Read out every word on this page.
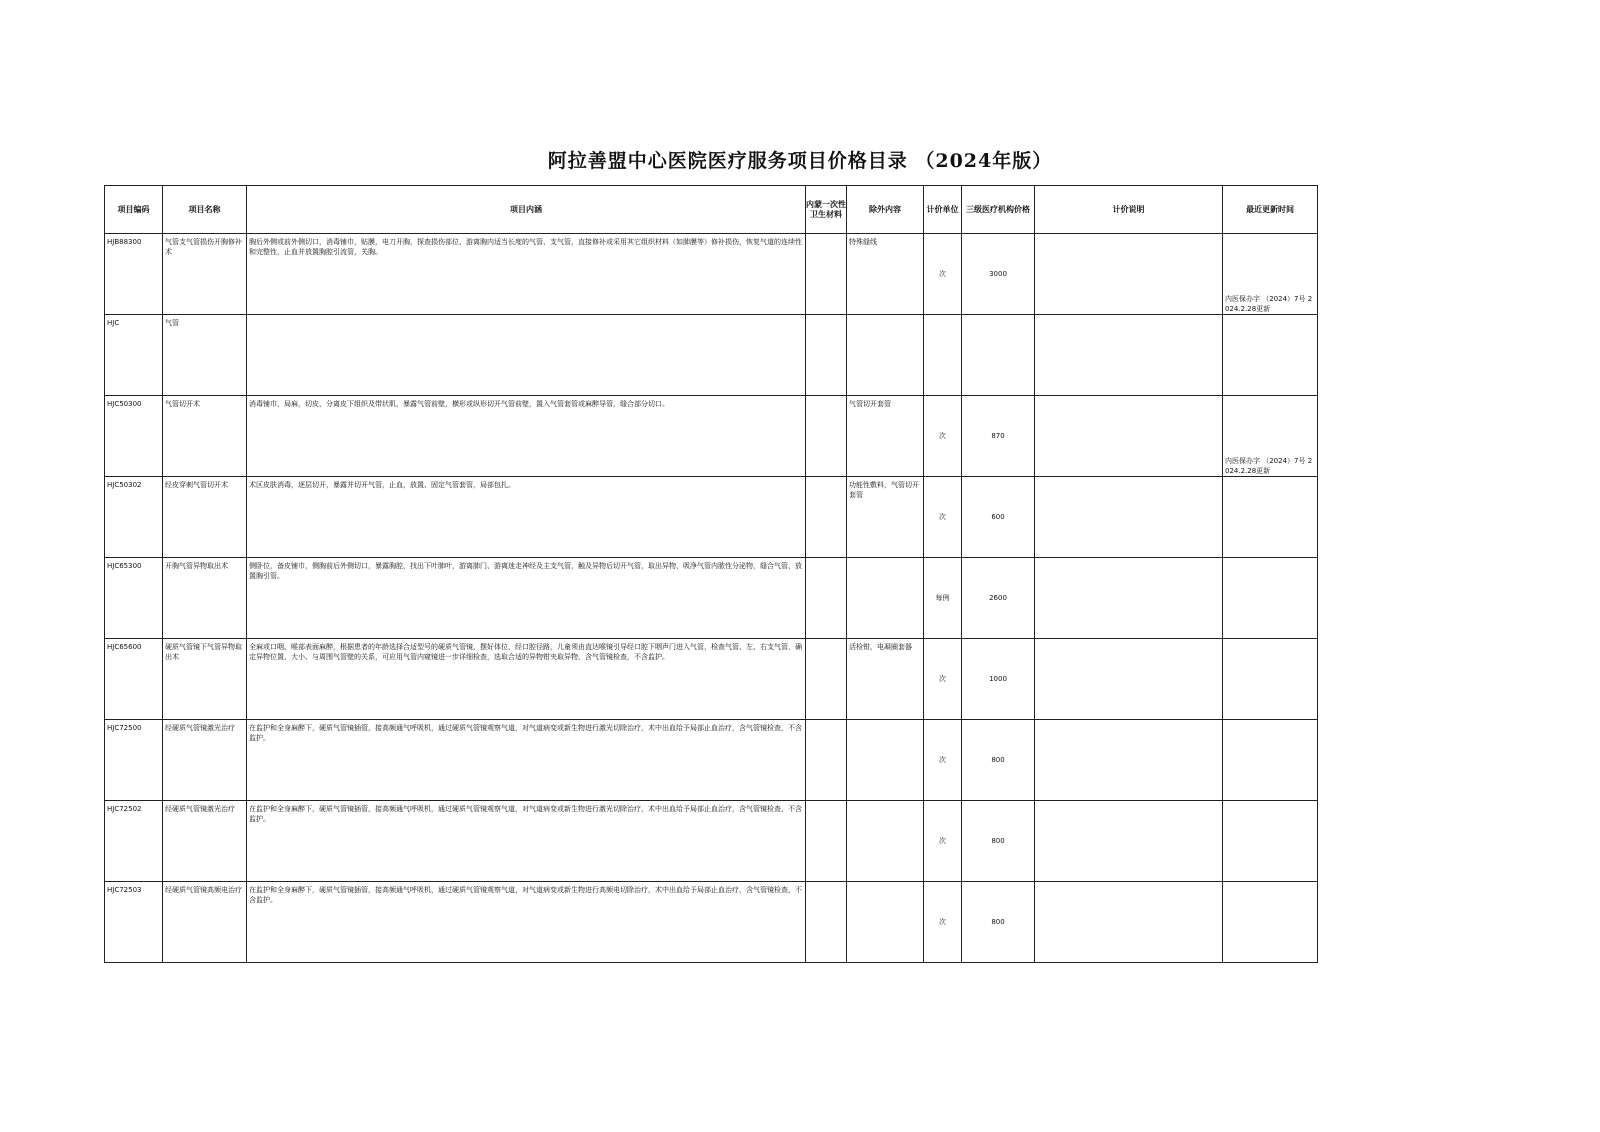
阿拉善盟中心医院医疗服务项目价格目录 （2024年版）
项目编码	项目名称	项目内涵	内蒙一次性卫生材料	除外内容	计价单位	三级医疗机构价格	计价说明	最近更新时间
HJB88300	气管支气管损伤开胸修补术	胸后外侧或前外侧切口，消毒铺巾，贴膜，电刀开胸，探查损伤部位，游离胸内适当长度的气管、支气管，直接修补或采用其它组织材料（如肺膜等）修补损伤，恢复气道的连续性和完整性，止血并放置胸腔引流管，关胸。		特殊缝线	次	3000		内医保办字 （2024）7号 2024.2.28更新
HJC	气管							
HJC50300	气管切开术	消毒铺巾，局麻，切皮，分离皮下组织及带状肌，暴露气管前壁，横形或纵形切开气管前壁，置入气管套管或麻醉导管，缝合部分切口。		气管切开套管	次	870		内医保办字 （2024）7号 2024.2.28更新
HJC50302	经皮穿刺气管切开术	术区皮肤消毒，逐层切开，暴露并切开气管，止血，放置、固定气管套管，局部包扎。		功能性敷料，气管切开套管	次	600		
HJC65300	开胸气管异物取出术	侧卧位，备皮铺巾，侧胸前后外侧切口，暴露胸腔，找出下叶肺叶，游离肺门、游离迷走神经及主支气管，触及异物后切开气管，取出异物，吸净气管内脓性分泌物，缝合气管，放置胸引管。			每例	2600		
HJC65600	硬质气管镜下气管异物取出术	全麻或口咽、喉部表面麻醉，根据患者的年龄选择合适型号的硬质气管镜，摆好体位，经口腔径路，儿童须由直达喉镜引导经口腔下咽声门进入气管，检查气管、左、右支气管，确定异物位置、大小、与周围气管壁的关系，可应用气管内窥镜进一步详细检查，选取合适的异物钳夹取异物，含气管镜检查，不含监护。		活检钳，电凝圈套器	次	1000		
HJC72500	经硬质气管镜激光治疗	在监护和全身麻醉下，硬质气管镜插管，接高频通气呼吸机，通过硬质气管镜观察气道，对气道病变或新生物进行激光切除治疗，术中出血给予局部止血治疗，含气管镜检查，不含监护。			次	800		
HJC72502	经硬质气管镜激光治疗	在监护和全身麻醉下，硬质气管镜插管，接高频通气呼吸机，通过硬质气管镜观察气道，对气道病变或新生物进行激光切除治疗，术中出血给予局部止血治疗，含气管镜检查，不含监护。			次	800		
HJC72503	经硬质气管镜高频电治疗	在监护和全身麻醉下，硬质气管镜插管，接高频通气呼吸机，通过硬质气管镜观察气道，对气道病变或新生物进行高频电切除治疗，术中出血给予局部止血治疗，含气管镜检查，不含监护。			次	800		
